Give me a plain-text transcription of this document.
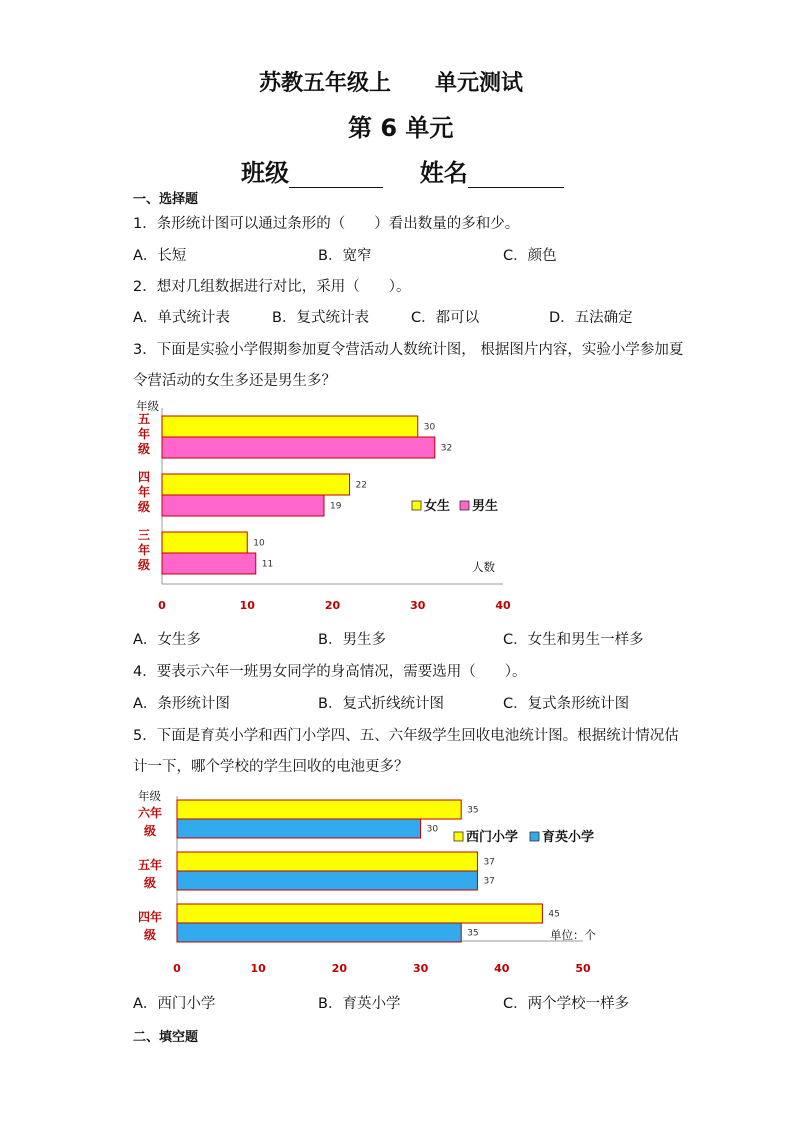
苏教五年级上　　单元测试
第 6 单元
班级	姓名
一、选择题
1．条形统计图可以通过条形的（　　）看出数量的多和少。
A．长短	B．宽窄	C．颜色
2．想对几组数据进行对比，采用（　　）。
A．单式统计表	B．复式统计表	C．都可以	D．五法确定
3．下面是实验小学假期参加夏令营活动人数统计图， 根据图片内容，实验小学参加夏
令营活动的女生多还是男生多？
年级
0	10	20	30	40
30
32
五
年
级
22
19
四
年
级
10
11
三
年
级	人数
女生 男生
A．女生多	B．男生多	C．女生和男生一样多
4．要表示六年一班男女同学的身高情况，需要选用（　　）。
A．条形统计图	B．复式折线统计图	C．复式条形统计图
5．下面是育英小学和西门小学四、五、六年级学生回收电池统计图。根据统计情况估
计一下，哪个学校的学生回收的电池更多？
年级
0	10	20	30	40	50
35
30
六年
级
37
37
五年
级
45
35
四年
级	单位：个
西门小学 育英小学
A．西门小学	B．育英小学	C．两个学校一样多
二、填空题
